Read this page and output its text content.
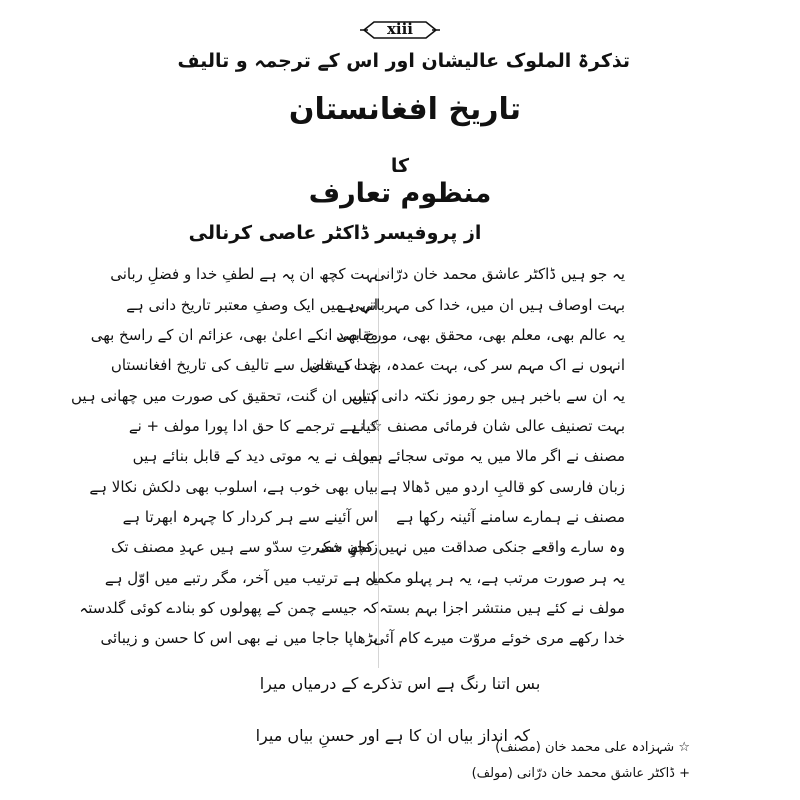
xiii
تذکرۃ الملوک عالیشان اور اس کے ترجمہ و تالیف
تاریخ افغانستان
کا
منظوم تعارف
از پروفیسر ڈاکٹر عاصی کرنالی
یہ جو ہیں ڈاکٹر عاشق محمد خان درّانی
بہت اوصاف ہیں ان میں، خدا کی مہربانی ہے
یہ عالم بھی، معلم بھی، محقق بھی، مورخ بھی
انہوں نے اک مہم سر کی، بہت عمدہ، بہت ذیشاں
یہ ان سے باخبر ہیں جو رموز نکتہ دانی ہیں
بہت تصنیف عالی شان فرمائی مصنف ☆ نے
مصنف نے اگر مالا میں یہ موتی سجائے ہیں
زبان فارسی کو قالبِ اردو میں ڈھالا ہے
مصنف نے ہمارے سامنے آئینہ رکھا ہے
وہ سارے واقعے جنکی صداقت میں نہیں کچھ شک
یہ ہر صورت مرتب ہے، یہ ہر پہلو مکمل ہے
مولف نے کئے ہیں منتشر اجزا بہم بستہ
خدا رکھے مری خوئے مروّت میرے کام آئی
بہت کچھ ان پہ ہے لطفِ خدا و فضلِ ربانی
انہی میں ایک وصفِ معتبر تاریخ دانی ہے
مقاصد انکے اعلیٰ بھی، عزائم ان کے راسخ بھی
خدا کے فضل سے تالیف کی تاریخ افغانستاں
کتابیں ان گنت، تحقیق کی صورت میں چھانی ہیں
کیا ہے ترجمے کا حق ادا پورا مولف + نے
مولف نے یہ موتی دید کے قابل بنائے ہیں
بیاں بھی خوب ہے، اسلوب بھی دلکش نکالا ہے
اس آئینے سے ہر کردار کا چہرہ ابھرتا ہے
زمانِ حضرتِ سدّو سے ہیں عہدِ مصنف تک
یہ ہے ترتیب میں آخر، مگر رتبے میں اوّل ہے
کہ جیسے چمن کے پھولوں کو بنادے کوئی گلدستہ
بڑھاپا جاجا میں نے بھی اس کا حسن و زیبائی
بس اتنا رنگ ہے اس تذکرے کے درمیاں میرا
کہ انداز بیاں ان کا ہے اور حسنِ بیاں میرا
☆ شہزادہ علی محمد خان (مصنف)
+ ڈاکٹر عاشق محمد خان درّانی (مولف)
